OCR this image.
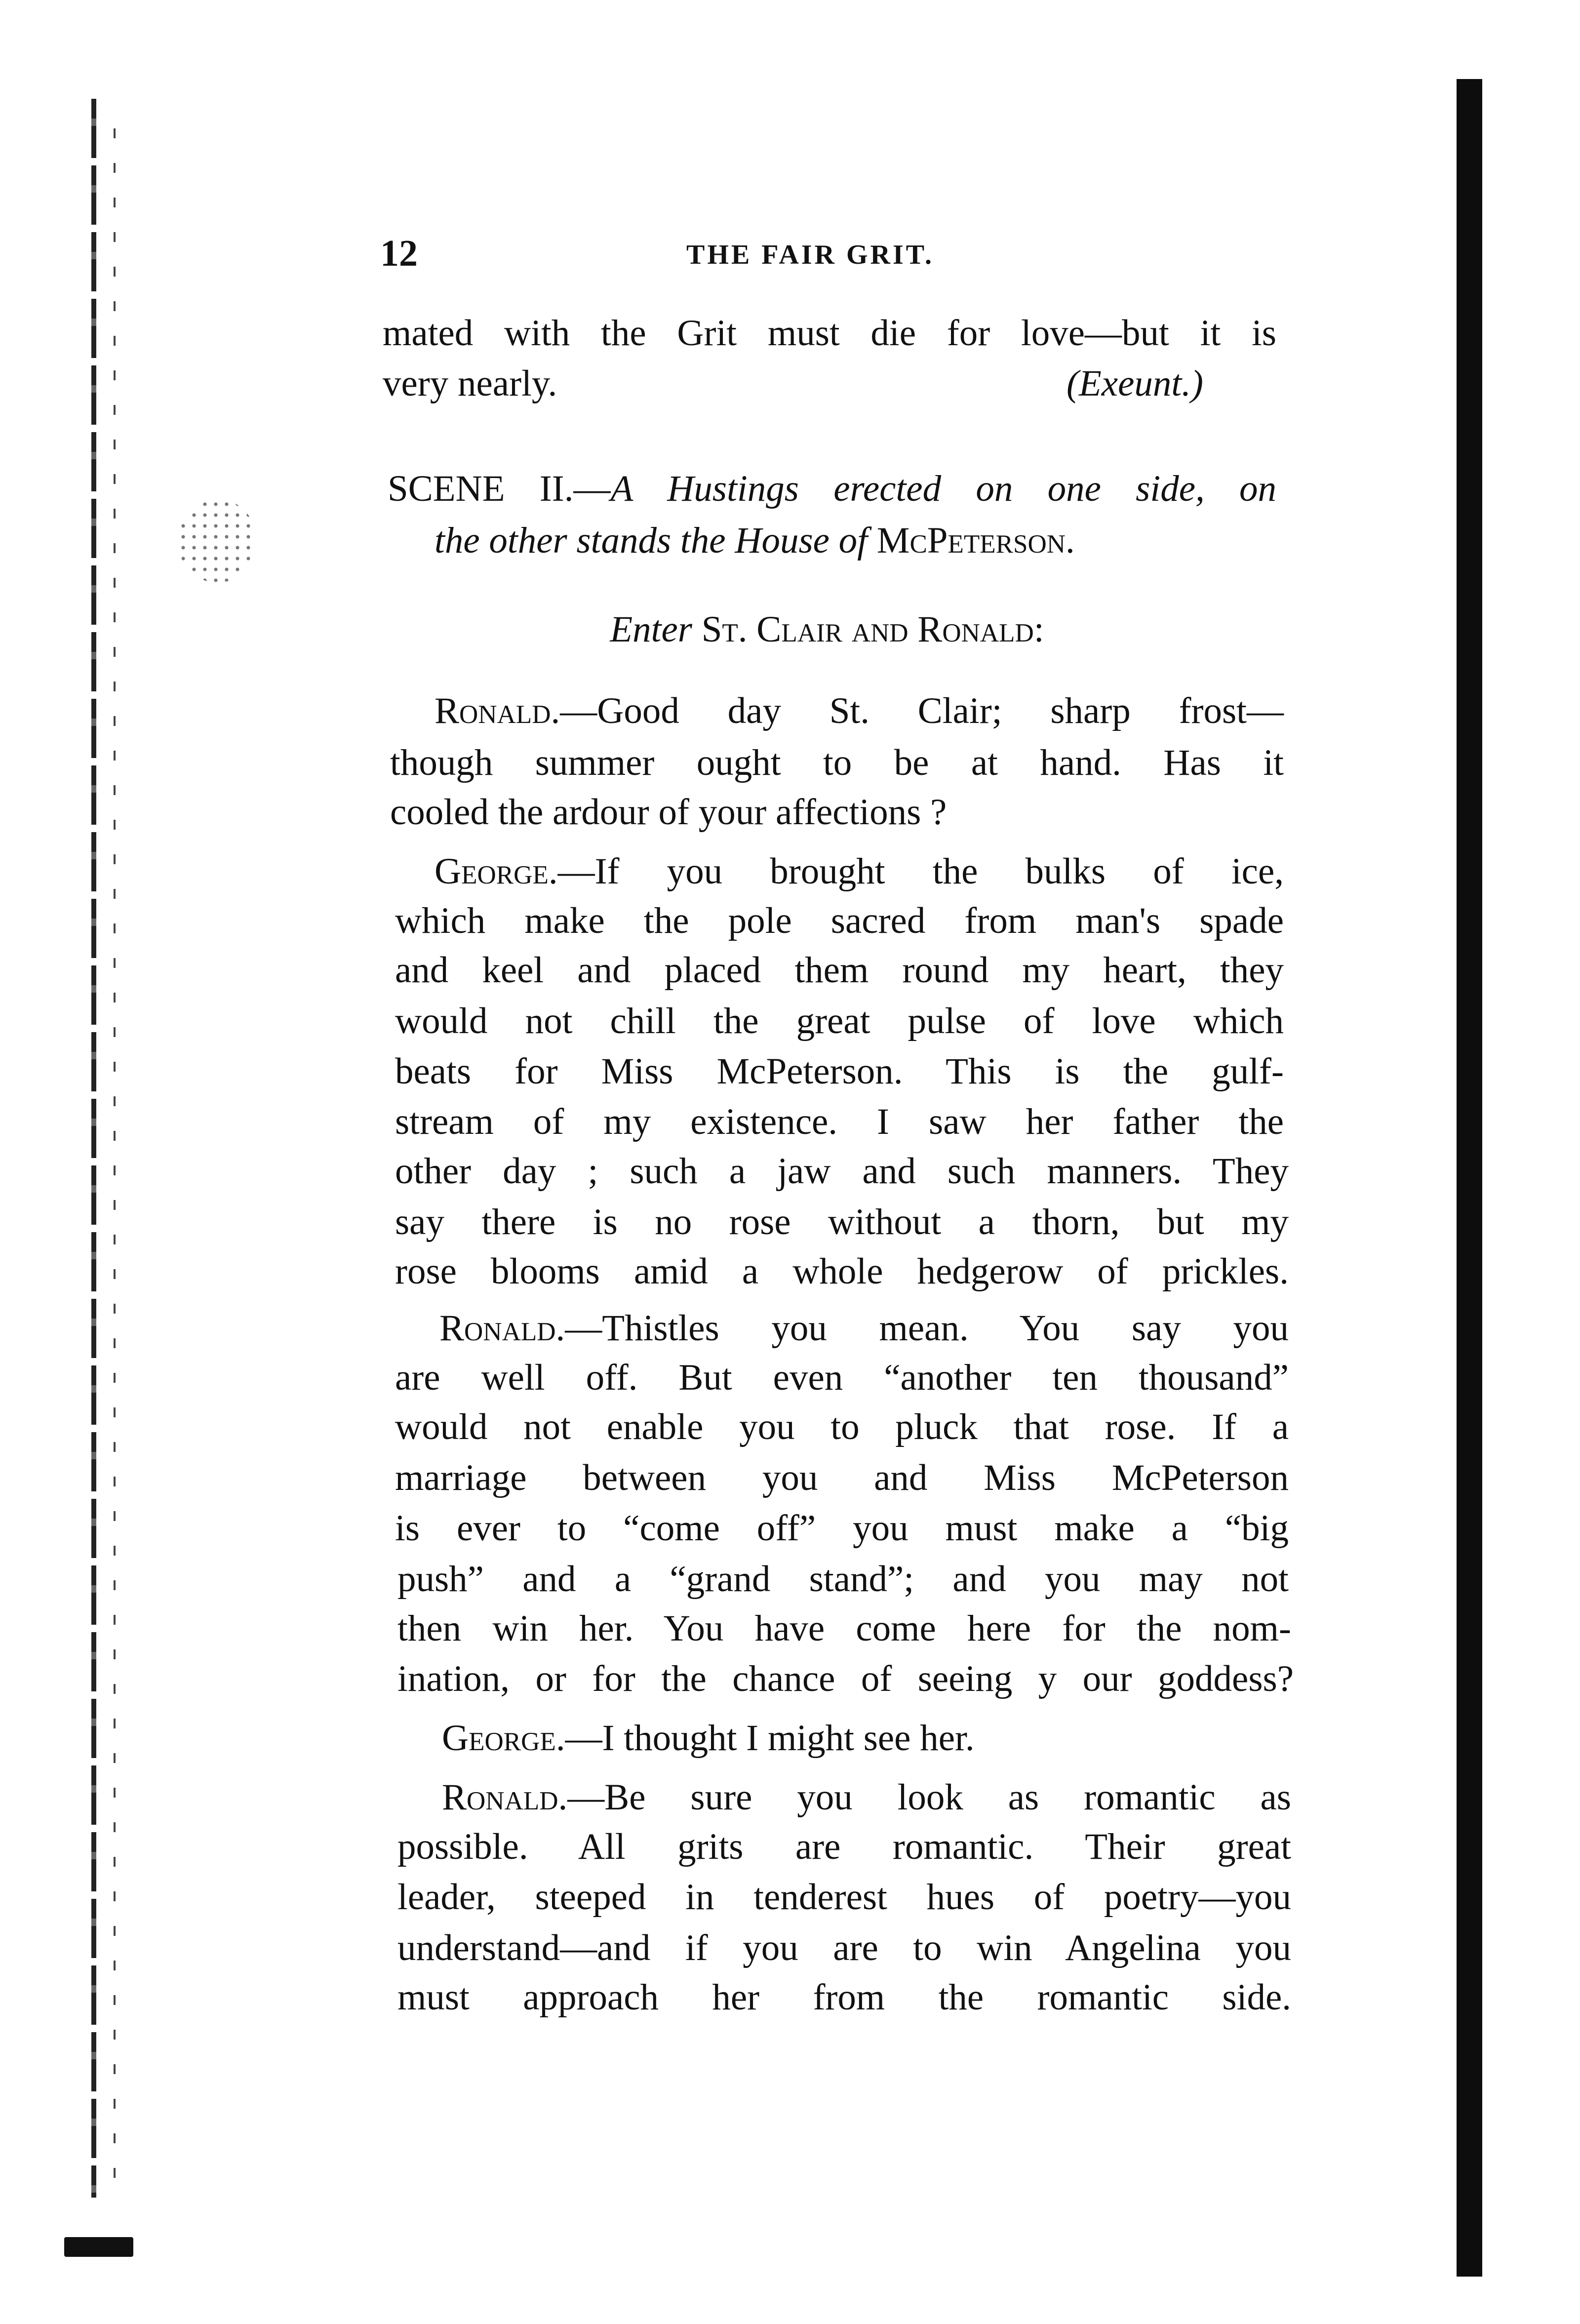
12	THE FAIR GRIT.
mated with the Grit must die for love—but it is
very nearly.	(Exeunt.)
SCENE II.—A Hustings erected on one side, on
the other stands the House of McPeterson.
Enter St. Clair and Ronald:
Ronald.—Good day St. Clair; sharp frost—
though summer ought to be at hand. Has it
cooled the ardour of your affections ?
George.—If you brought the bulks of ice,
which make the pole sacred from man's spade
and keel and placed them round my heart, they
would not chill the great pulse of love which
beats for Miss McPeterson. This is the gulf-
stream of my existence. I saw her father the
other day ; such a jaw and such manners. They
say there is no rose without a thorn, but my
rose blooms amid a whole hedgerow of prickles.
Ronald.—Thistles you mean. You say you
are well off. But even “another ten thousand”
would not enable you to pluck that rose. If a
marriage between you and Miss McPeterson
is ever to “come off” you must make a “big
push” and a “grand stand”; and you may not
then win her. You have come here for the nom-
ination, or for the chance of seeing y our goddess?
George.—I thought I might see her.
Ronald.—Be sure you look as romantic as
possible. All grits are romantic. Their great
leader, steeped in tenderest hues of poetry—you
understand—and if you are to win Angelina you
must approach her from the romantic side.
